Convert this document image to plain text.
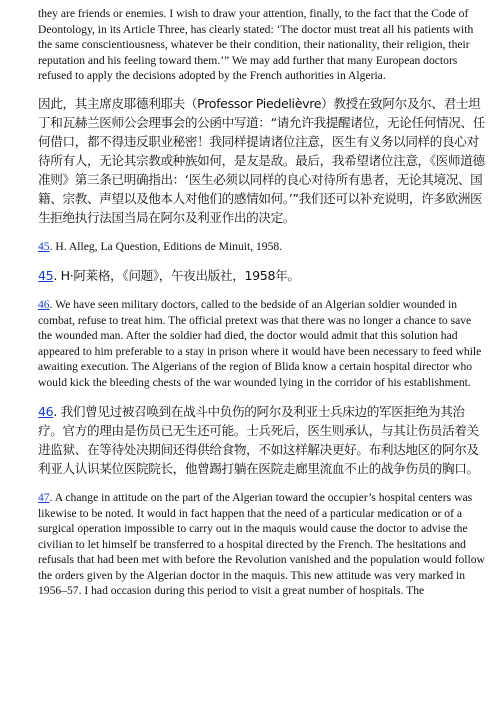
they are friends or enemies. I wish to draw your attention, finally, to the fact that the Code of Deontology, in its Article Three, has clearly stated: ‘The doctor must treat all his patients with the same conscientiousness, whatever be their condition, their nationality, their religion, their reputation and his feeling toward them.’” We may add further that many European doctors refused to apply the decisions adopted by the French authorities in Algeria.

因此，其主席皮耶德利耶夫（Professor Piedelièvre）教授在致阿尔及尔、君士坦丁和瓦赫兰医师公会理事会的公函中写道：“请允许我提醒诸位，无论任何情况、任何借口，都不得违反职业秘密！我同样提请诸位注意，医生有义务以同样的良心对待所有人，无论其宗教或种族如何，是友是敌。最后，我希望诸位注意，《医师道德准则》第三条已明确指出：‘医生必须以同样的良心对待所有患者，无论其境况、国籍、宗教、声望以及他本人对他们的感情如何。’”我们还可以补充说明，许多欧洲医生拒绝执行法国当局在阿尔及利亚作出的决定。

45. H. Alleg, La Question, Editions de Minuit, 1958.

45. H·阿莱格，《问题》，午夜出版社，1958年。

46. We have seen military doctors, called to the bedside of an Algerian soldier wounded in combat, refuse to treat him. The official pretext was that there was no longer a chance to save the wounded man. After the soldier had died, the doctor would admit that this solution had appeared to him preferable to a stay in prison where it would have been necessary to feed while awaiting execution. The Algerians of the region of Blida know a certain hospital director who would kick the bleeding chests of the war wounded lying in the corridor of his establishment.

46. 我们曾见过被召唤到在战斗中负伤的阿尔及利亚士兵床边的军医拒绝为其治疗。官方的理由是伤员已无生还可能。士兵死后，医生则承认，与其让伤员活着关进监狱、在等待处决期间还得供给食物，不如这样解决更好。布利达地区的阿尔及利亚人认识某位医院院长，他曾踢打躺在医院走廊里流血不止的战争伤员的胸口。

47. A change in attitude on the part of the Algerian toward the occupier’s hospital centers was likewise to be noted. It would in fact happen that the need of a particular medication or of a surgical operation impossible to carry out in the maquis would cause the doctor to advise the civilian to let himself be transferred to a hospital directed by the French. The hesitations and refusals that had been met with before the Revolution vanished and the population would follow the orders given by the Algerian doctor in the maquis. This new attitude was very marked in 1956–57. I had occasion during this period to visit a great number of hospitals. The
